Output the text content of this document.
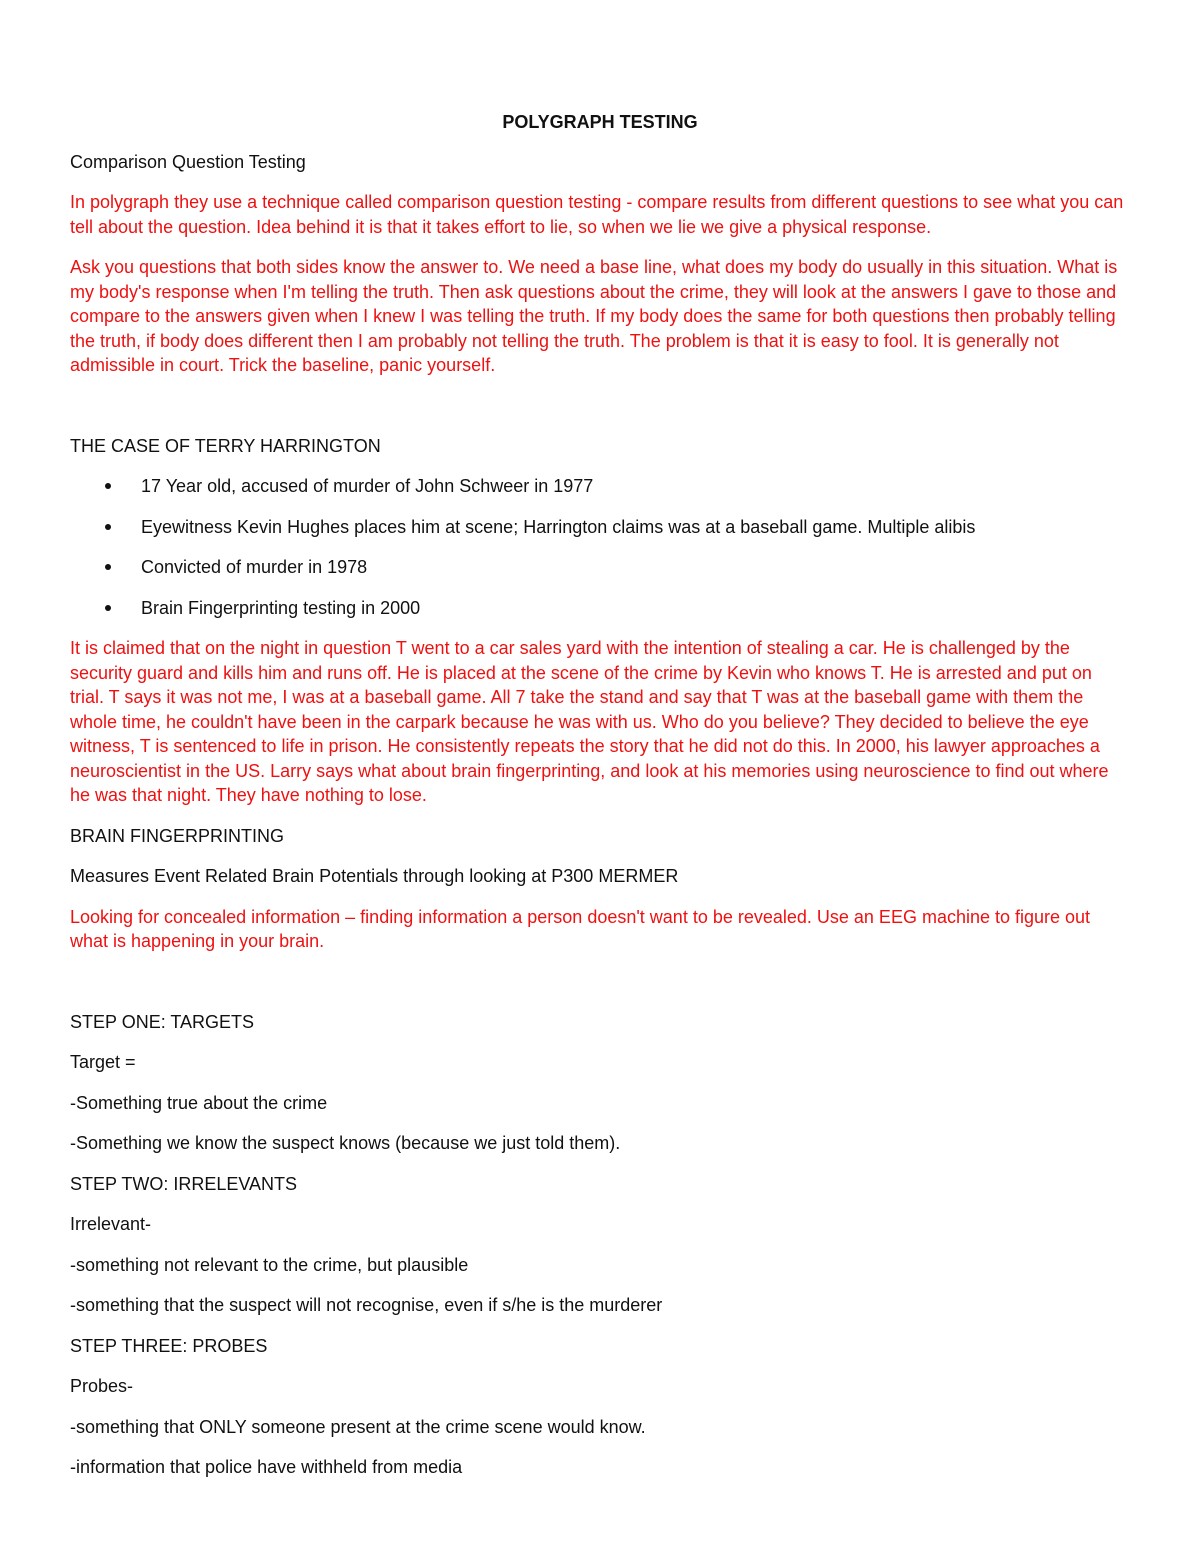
POLYGRAPH TESTING

Comparison Question Testing

In polygraph they use a technique called comparison question testing - compare results from different questions to see what you can tell about the question. Idea behind it is that it takes effort to lie, so when we lie we give a physical response.

Ask you questions that both sides know the answer to. We need a base line, what does my body do usually in this situation. What is my body's response when I'm telling the truth. Then ask questions about the crime, they will look at the answers I gave to those and compare to the answers given when I knew I was telling the truth. If my body does the same for both questions then probably telling the truth, if body does different then I am probably not telling the truth. The problem is that it is easy to fool. It is generally not admissible in court. Trick the baseline, panic yourself.

THE CASE OF TERRY HARRINGTON

17 Year old, accused of murder of John Schweer in 1977
Eyewitness Kevin Hughes places him at scene; Harrington claims was at a baseball game. Multiple alibis
Convicted of murder in 1978
Brain Fingerprinting testing in 2000

It is claimed that on the night in question T went to a car sales yard with the intention of stealing a car. He is challenged by the security guard and kills him and runs off. He is placed at the scene of the crime by Kevin who knows T. He is arrested and put on trial. T says it was not me, I was at a baseball game. All 7 take the stand and say that T was at the baseball game with them the whole time, he couldn't have been in the carpark because he was with us. Who do you believe? They decided to believe the eye witness, T is sentenced to life in prison. He consistently repeats the story that he did not do this. In 2000, his lawyer approaches a neuroscientist in the US. Larry says what about brain fingerprinting, and look at his memories using neuroscience to find out where he was that night. They have nothing to lose.

BRAIN FINGERPRINTING

Measures Event Related Brain Potentials through looking at P300 MERMER

Looking for concealed information – finding information a person doesn't want to be revealed. Use an EEG machine to figure out what is happening in your brain.

STEP ONE: TARGETS

Target =

-Something true about the crime

-Something we know the suspect knows (because we just told them).

STEP TWO: IRRELEVANTS

Irrelevant-

-something not relevant to the crime, but plausible

-something that the suspect will not recognise, even if s/he is the murderer

STEP THREE: PROBES

Probes-

-something that ONLY someone present at the crime scene would know.

-information that police have withheld from media
